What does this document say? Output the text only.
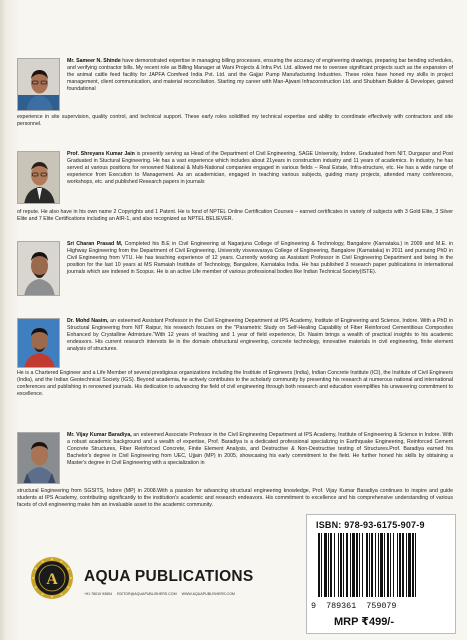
Mr. Sameer N. Shinde have demonstrated expertise in managing billing processes, ensuring the accuracy of engineering drawings, preparing bar bending schedules, and verifying contractor bills. My recent role as Billing Manager at Wani Projects & Infra Pvt. Ltd. allowed me to oversee significant projects such as the expansion of the animal cattle feed facility for JAPFA Comfeed India Pvt. Ltd. and the Gajjar Pump Manufacturing Industries. These roles have honed my skills in project management, client communication, and material reconciliation. Starting my career with Man-Ajwani Infraconstruction Ltd. and Shubham Builder & Developer, gained foundational
experience in site supervision, quality control, and technical support. These early roles solidified my technical expertise and ability to coordinate effectively with contractors and site personnel.
Prof. Shreyans Kumar Jain is presently serving as Head of the Department of Civil Engineering, SAGE University, Indore. Graduated from NIT, Durgapur and Post Graduated in Stuctural Engineering. He has a vast experience which includes about 21years in construction industry and 11 years of academics. In industry, he has served at various positions for renowned National & Multi-National companies engaged in various fields – Real Estate, Infra-structure, etc. He has a wide range of experience from Execution to Management. As an academician, engaged in teaching various subjects, guiding many projects, attended many conferences, workshops, etc. and published Research papers in journals
of repute. He also have in his own name 2 Copyrights and 1 Patent. He is fond of NPTEL Online Certification Courses – earned certificates in variety of subjects with 3 Gold Elite, 3 Silver Elite and 7 Elite Certifications including an AIR-1, and also recognized as NPTEL BELIEVER.
Sri Charan Prasad M, Completed his B.E in Civil Engineering at Nagarjuna College of Engineering & Technology, Bangalore (Karnataka.) in 2009 and M.E. in Highway Engineering from the Department of Civil Engineering, University visvesvaraya College of Engineering, Bangalore (Karnataka) in 2011 and pursuing PhD in Civil Engineering from VTU. He has teaching experience of 12 years. Currently working as Assistant Professor in Civil Engineering Department and being in the position for the last 10 years at MS Ramaiah Institute of Technology, Bangalore, Karnataka India. He has published 3 research paper publications in international journals which are indexed in Scopus. He is an active Life member of various professional bodies like Indian Technical Society(ISTE).
Dr. Mohd Nasim, an esteemed Assistant Professor in the Civil Engineering Department at IPS Academy, Institute of Engineering and Science, Indore. With a PhD in Structural Engineering from NIT Raipur, his research focuses on the "Parametric Study on Self-Healing Capability of Fiber Reinforced Cementitious Composites Enhanced by Crystalline Admixture."With 12 years of teaching and 1 year of field experience, Dr. Nasim brings a wealth of practical insights to his academic endeavors. His current research interests lie in the domain ofstructural engineering, concrete technology, innovative materials in civil engineering, finite element analysis of structures.
He is a Chartered Engineer and a Life Member of several prestigious organizations including the Institute of Engineers (India), Indian Concrete Institute (ICI), the Institute of Civil Engineers (India), and the Indian Geotechnical Society (IGS). Beyond academia, he actively contributes to the scholarly community by presenting his research at numerous national and international conferences and publishing in renowned journals. His dedication to advancing the field of civil engineering through both research and education exemplifies his unwavering commitment to excellence.
Mr. Vijay Kumar Baradiya, an esteemed Associate Professor in the Civil Engineering Department at IPS Academy, Institute of Engineering & Science in Indore. With a robust academic background and a wealth of expertise, Prof. Baradiya is a dedicated professional specializing in Earthquake Engineering, Reinforced Cement Concrete Structures, Fiber Reinforced Concrete, Finite Element Analysis, and Destructive & Non-Destructive testing of Structures.Prof. Baradiya earned his Bachelor's degree in Civil Engineering from UEC, Ujjain (MP) in 2005, showcasing his early commitment to the field. He further honed his skills by obtaining a Master's degree in Civil Engineering with a specialization in
structural Engineering from SGSITS, Indore (MP) in 2008.With a passion for advancing structural engineering knowledge, Prof. Vijay Kumar Baradiya continues to inspire and guide students at IPS Academy, contributing significantly to the institution's academic and research endeavors. His commitment to excellence and his comprehensive understanding of various facets of civil engineering make him an invaluable asset to the academic community.
A AQUA PUBLICATIONS
+91 78010 93654 EDITOR@AQUAPUBLISHERS.COM WWW.AQUAPUBLISHERS.COM
ISBN: 978-93-6175-907-9
9  789361  759079
MRP ₹499/-
